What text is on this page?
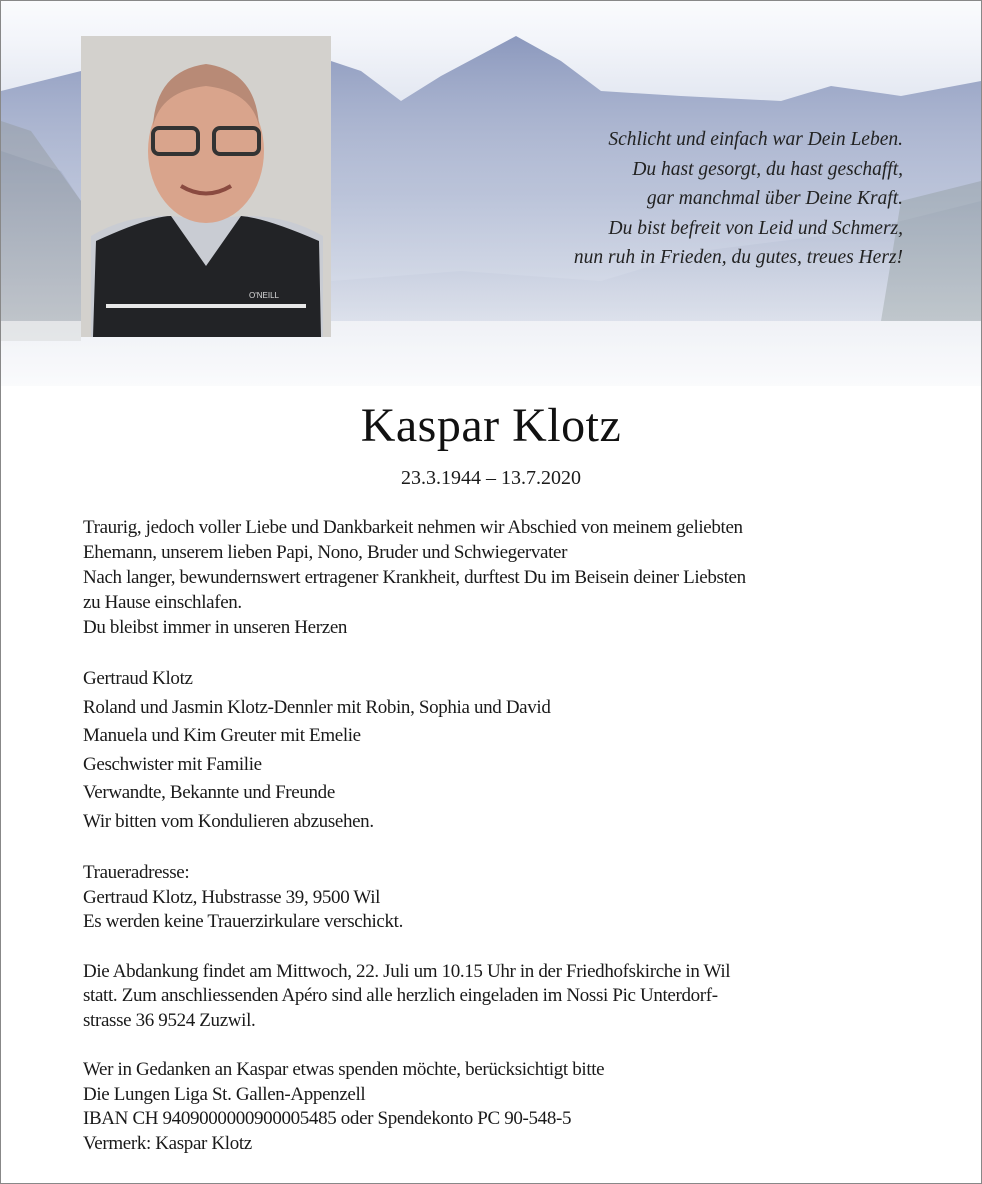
O'NEILL
Schlicht und einfach war Dein Leben.
Du hast gesorgt, du hast geschafft,
gar manchmal über Deine Kraft.
Du bist befreit von Leid und Schmerz,
nun ruh in Frieden, du gutes, treues Herz!
Kaspar Klotz
23.3.1944 – 13.7.2020
Traurig, jedoch voller Liebe und Dankbarkeit nehmen wir Abschied von meinem geliebten
Ehemann, unserem lieben Papi, Nono, Bruder und Schwiegervater
Nach langer, bewundernswert ertragener Krankheit, durftest Du im Beisein deiner Liebsten
zu Hause einschlafen.
Du bleibst immer in unseren Herzen
Gertraud Klotz
Roland und Jasmin Klotz-Dennler mit Robin, Sophia und David
Manuela und Kim Greuter mit Emelie
Geschwister mit Familie
Verwandte, Bekannte und Freunde
Wir bitten vom Kondulieren abzusehen.
Traueradresse:
Gertraud Klotz, Hubstrasse 39, 9500 Wil
Es werden keine Trauerzirkulare verschickt.
Die Abdankung findet am Mittwoch, 22. Juli um 10.15 Uhr in der Friedhofskirche in Wil
statt. Zum anschliessenden Apéro sind alle herzlich eingeladen im Nossi Pic Unterdorf-
strasse 36 9524 Zuzwil.
Wer in Gedanken an Kaspar etwas spenden möchte, berücksichtigt bitte
Die Lungen Liga St. Gallen-Appenzell
IBAN CH 9409000000900005485 oder Spendekonto PC 90-548-5
Vermerk: Kaspar Klotz
